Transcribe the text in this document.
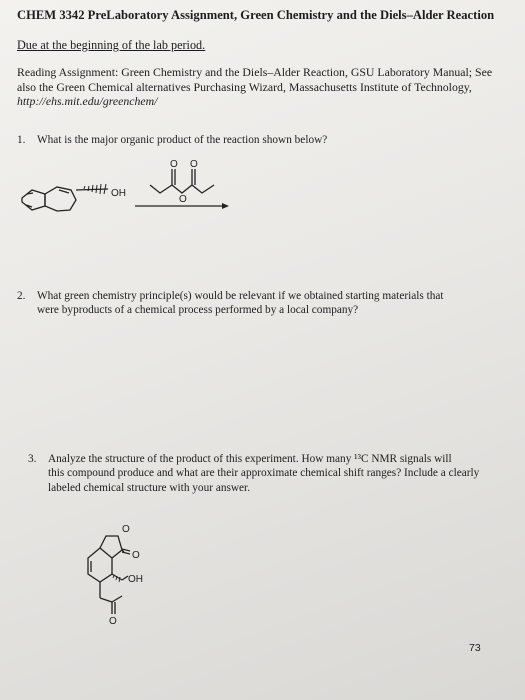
CHEM 3342 PreLaboratory Assignment, Green Chemistry and the Diels–Alder Reaction
Due at the beginning of the lab period.
Reading Assignment: Green Chemistry and the Diels–Alder Reaction, GSU Laboratory Manual; See also the Green Chemical alternatives Purchasing Wizard, Massachusetts Institute of Technology, http://ehs.mit.edu/greenchem/
1. What is the major organic product of the reaction shown below?
OH
O O
O
2. What green chemistry principle(s) would be relevant if we obtained starting materials that
were byproducts of a chemical process performed by a local company?
3. Analyze the structure of the product of this experiment. How many ¹³C NMR signals will
this compound produce and what are their approximate chemical shift ranges? Include a clearly labeled chemical structure with your answer.
O
O
OH
O
73
